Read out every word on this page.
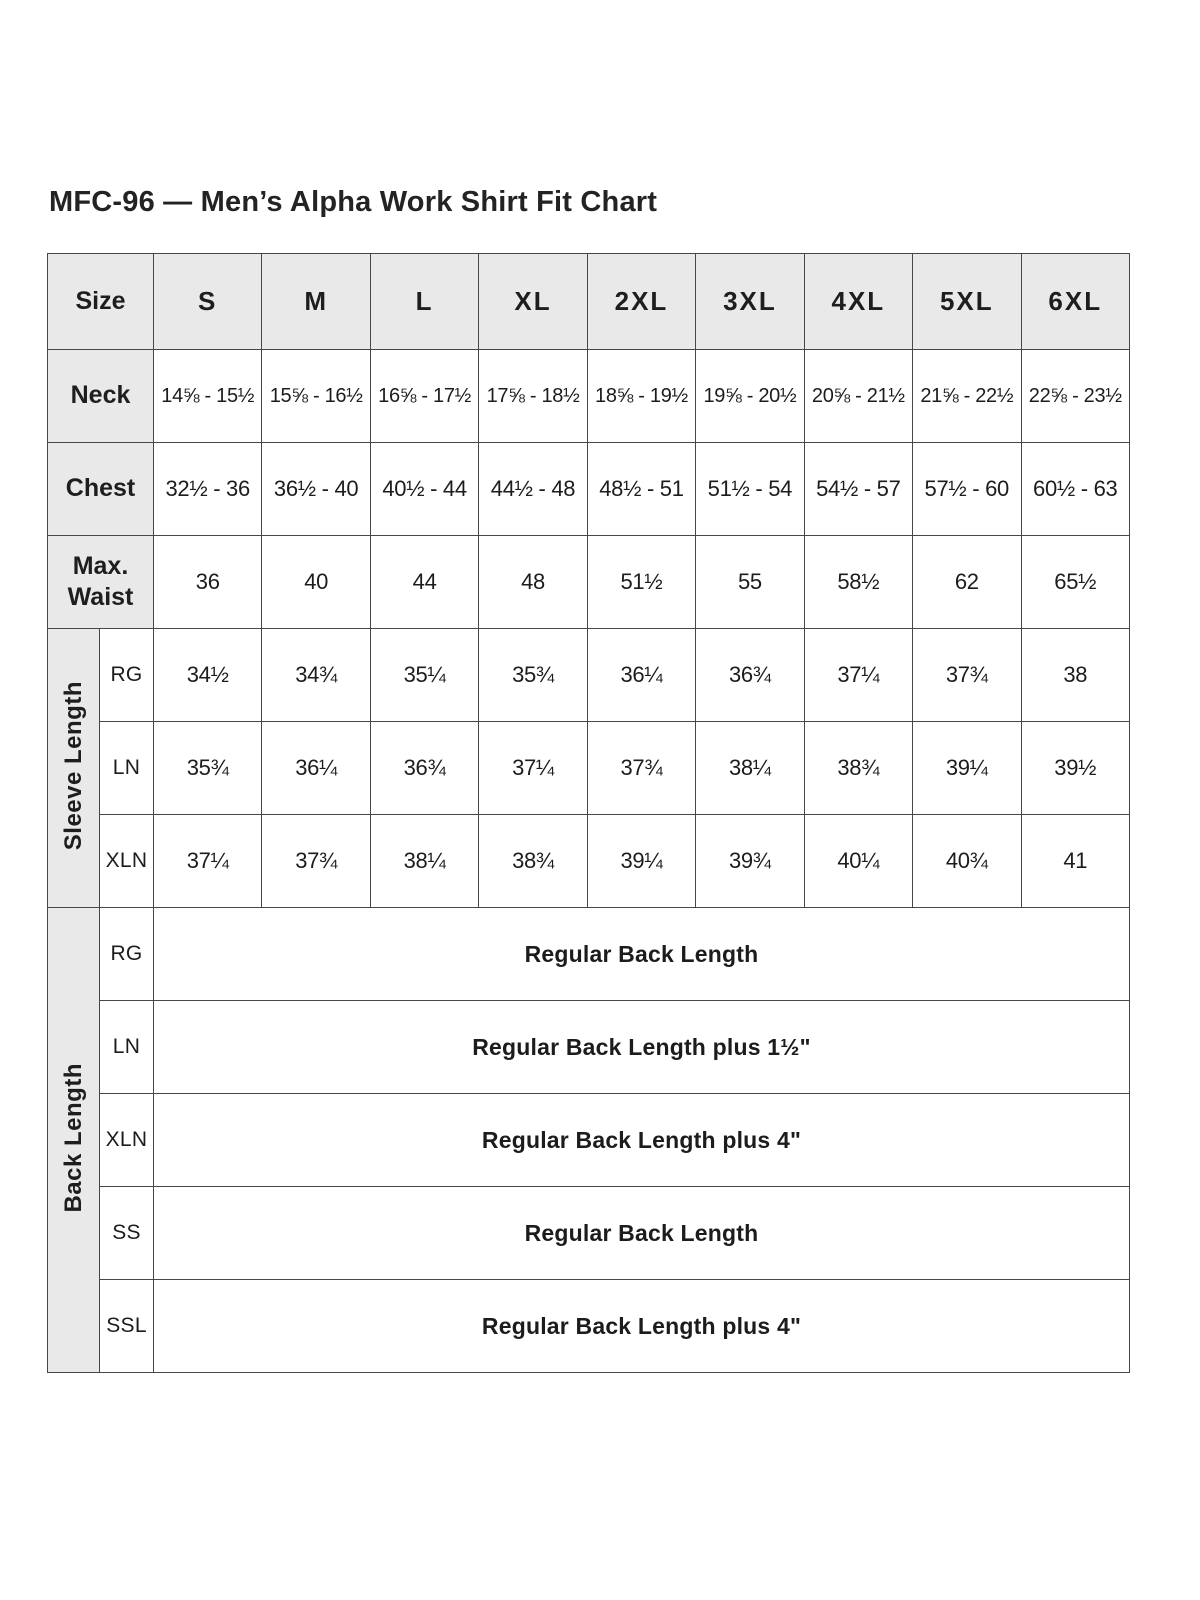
MFC-96 — Men’s Alpha Work Shirt Fit Chart
Size		S	M	L	XL	2XL	3XL	4XL	5XL	6XL
Neck		14⅝ - 15½	15⅝ - 16½	16⅝ - 17½	17⅝ - 18½	18⅝ - 19½	19⅝ - 20½	20⅝ - 21½	21⅝ - 22½	22⅝ - 23½
Chest		32½ - 36	36½ - 40	40½ - 44	44½ - 48	48½ - 51	51½ - 54	54½ - 57	57½ - 60	60½ - 63
Max. Waist		36	40	44	48	51½	55	58½	62	65½
Sleeve Length	RG	34½	34¾	35¼	35¾	36¼	36¾	37¼	37¾	38
	LN	35¾	36¼	36¾	37¼	37¾	38¼	38¾	39¼	39½
	XLN	37¼	37¾	38¼	38¾	39¼	39¾	40¼	40¾	41
Back Length	RG	Regular Back Length								
	LN	Regular Back Length plus 1½"								
	XLN	Regular Back Length plus 4"								
	SS	Regular Back Length								
	SSL	Regular Back Length plus 4"								
